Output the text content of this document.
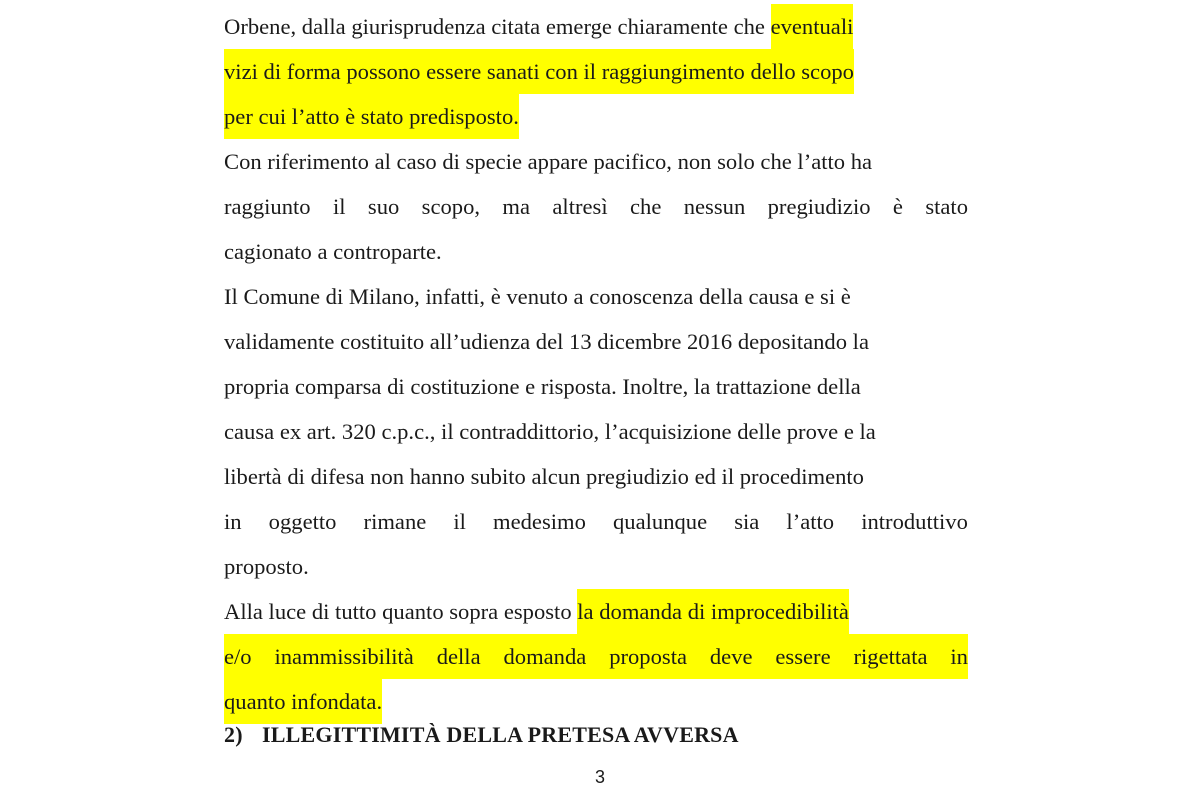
Orbene, dalla giurisprudenza citata emerge chiaramente che eventuali
vizi di forma possono essere sanati con il raggiungimento dello scopo
per cui l’atto è stato predisposto.
Con riferimento al caso di specie appare pacifico, non solo che l’atto ha
raggiunto il suo scopo, ma altresì che nessun pregiudizio è stato
cagionato a controparte.
Il Comune di Milano, infatti, è venuto a conoscenza della causa e si è
validamente costituito all’udienza del 13 dicembre 2016 depositando la
propria comparsa di costituzione e risposta. Inoltre, la trattazione della
causa ex art. 320 c.p.c., il contraddittorio, l’acquisizione delle prove e la
libertà di difesa non hanno subito alcun pregiudizio ed il procedimento
in oggetto rimane il medesimo qualunque sia l’atto introduttivo
proposto.
Alla luce di tutto quanto sopra esposto la domanda di improcedibilità
e/o inammissibilità della domanda proposta deve essere rigettata in
quanto infondata.
2) ILLEGITTIMITÀ DELLA PRETESA AVVERSA
3
